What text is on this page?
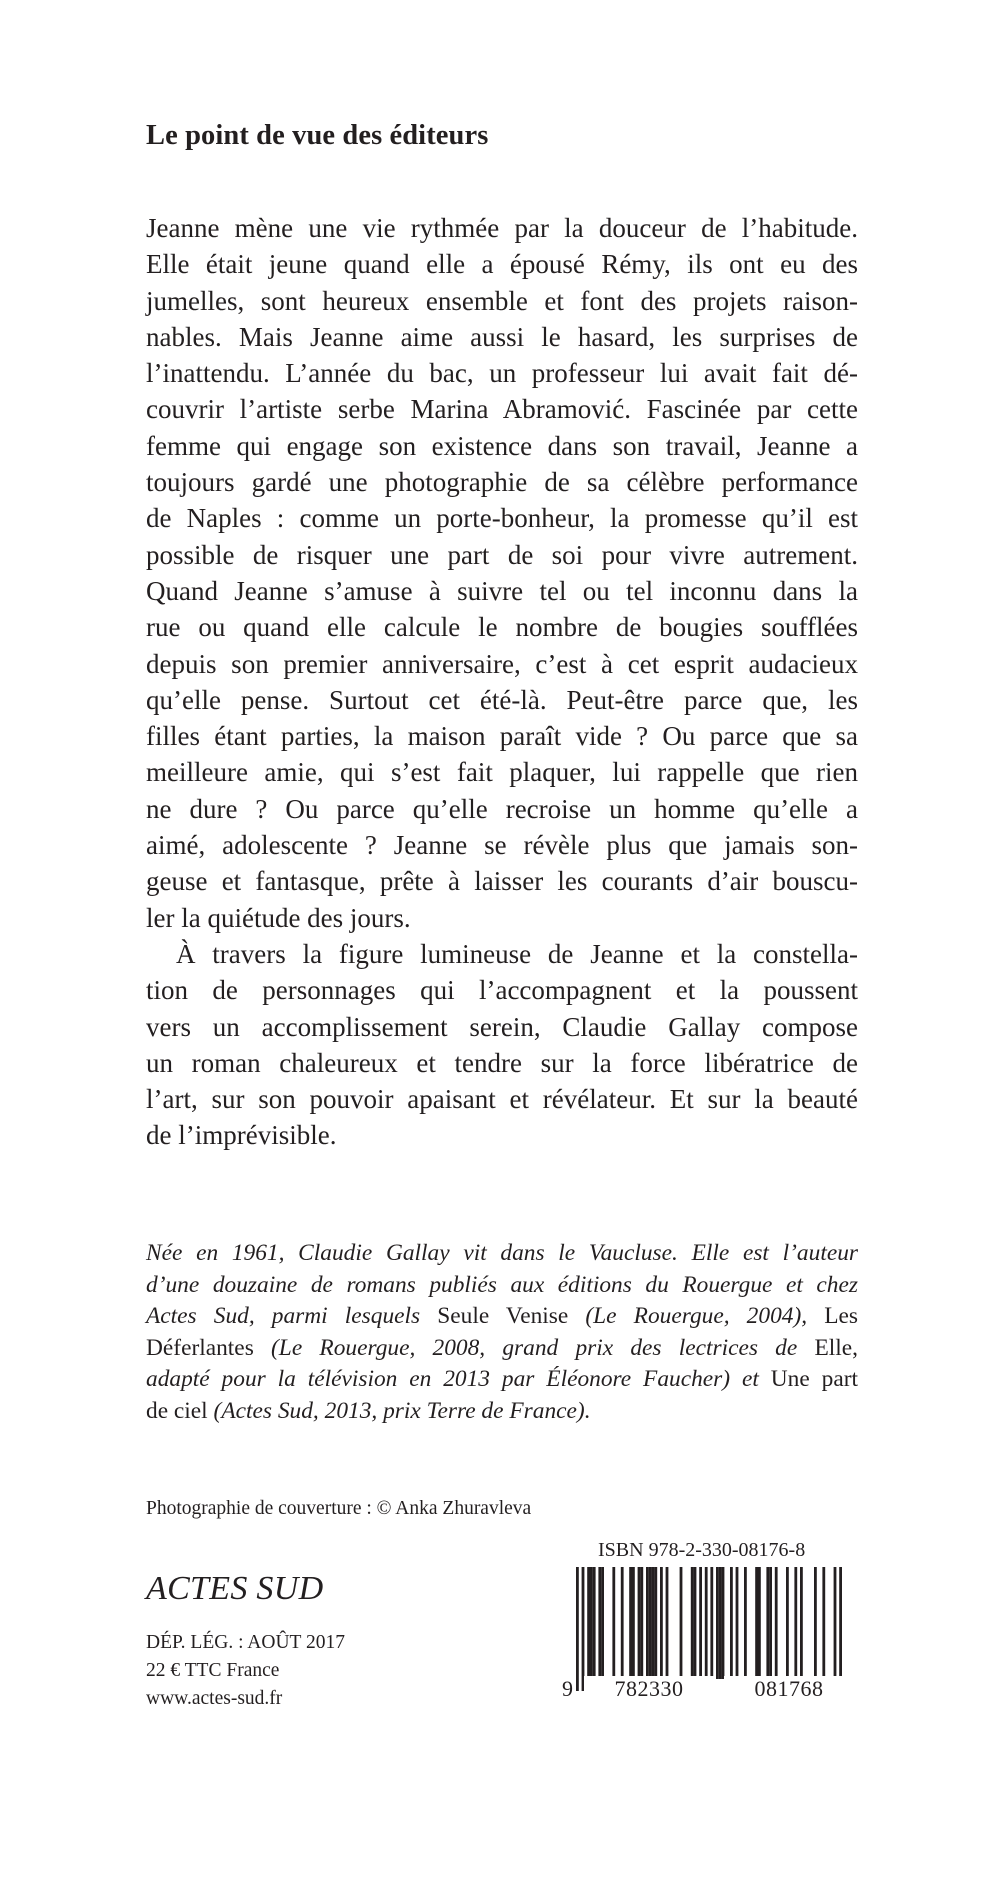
Le point de vue des éditeurs
Jeanne mène une vie rythmée par la douceur de l’habitude.
Elle était jeune quand elle a épousé Rémy, ils ont eu des
jumelles, sont heureux ensemble et font des projets raison-
nables. Mais Jeanne aime aussi le hasard, les surprises de
l’inattendu. L’année du bac, un professeur lui avait fait dé-
couvrir l’artiste serbe Marina Abramović. Fascinée par cette
femme qui engage son existence dans son travail, Jeanne a
toujours gardé une photographie de sa célèbre performance
de Naples : comme un porte-bonheur, la promesse qu’il est
possible de risquer une part de soi pour vivre autrement.
Quand Jeanne s’amuse à suivre tel ou tel inconnu dans la
rue ou quand elle calcule le nombre de bougies soufflées
depuis son premier anniversaire, c’est à cet esprit audacieux
qu’elle pense. Surtout cet été-là. Peut-être parce que, les
filles étant parties, la maison paraît vide ? Ou parce que sa
meilleure amie, qui s’est fait plaquer, lui rappelle que rien
ne dure ? Ou parce qu’elle recroise un homme qu’elle a
aimé, adolescente ? Jeanne se révèle plus que jamais son-
geuse et fantasque, prête à laisser les courants d’air bouscu-
ler la quiétude des jours.
À travers la figure lumineuse de Jeanne et la constella-
tion de personnages qui l’accompagnent et la poussent
vers un accomplissement serein, Claudie Gallay compose
un roman chaleureux et tendre sur la force libératrice de
l’art, sur son pouvoir apaisant et révélateur. Et sur la beauté
de l’imprévisible.
Née en 1961, Claudie Gallay vit dans le Vaucluse. Elle est l’auteur
d’une douzaine de romans publiés aux éditions du Rouergue et chez
Actes Sud, parmi lesquels Seule Venise (Le Rouergue, 2004), Les
Déferlantes (Le Rouergue, 2008, grand prix des lectrices de Elle,
adapté pour la télévision en 2013 par Éléonore Faucher) et Une part
de ciel (Actes Sud, 2013, prix Terre de France).
Photographie de couverture : © Anka Zhuravleva
ACTES SUD
DÉP. LÉG. : AOÛT 2017
22 € TTC France
www.actes-sud.fr
ISBN 978-2-330-08176-8
9	782330	081768
